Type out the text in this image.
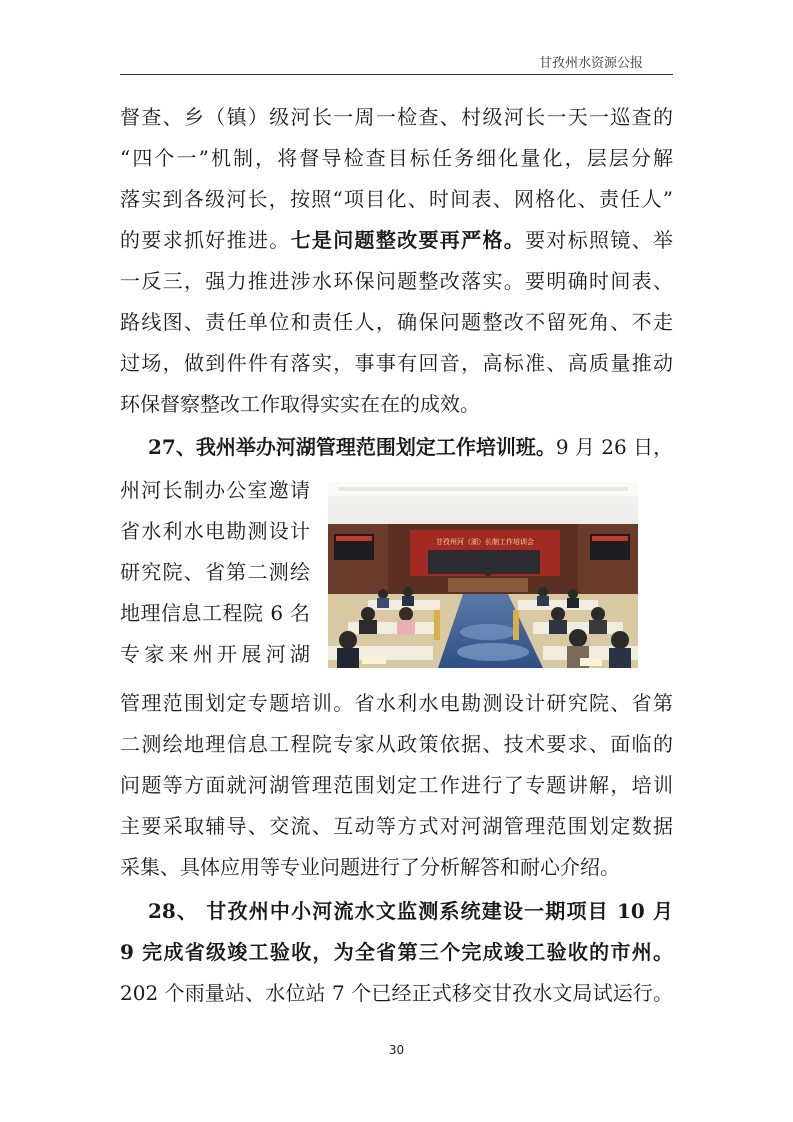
甘孜州水资源公报
督查、乡（镇）级河长一周一检查、村级河长一天一巡查的
“四个一”机制，将督导检查目标任务细化量化，层层分解
落实到各级河长，按照“项目化、时间表、网格化、责任人”
的要求抓好推进。七是问题整改要再严格。要对标照镜、举
一反三，强力推进涉水环保问题整改落实。要明确时间表、
路线图、责任单位和责任人，确保问题整改不留死角、不走
过场，做到件件有落实，事事有回音，高标准、高质量推动
环保督察整改工作取得实实在在的成效。
27、我州举办河湖管理范围划定工作培训班。9 月 26 日，
州河长制办公室邀请
省水利水电勘测设计
研究院、省第二测绘
地理信息工程院 6 名
专家来州开展河湖
甘孜州河（湖）长制工作培训会
管理范围划定专题培训。省水利水电勘测设计研究院、省第
二测绘地理信息工程院专家从政策依据、技术要求、面临的
问题等方面就河湖管理范围划定工作进行了专题讲解，培训
主要采取辅导、交流、互动等方式对河湖管理范围划定数据
采集、具体应用等专业问题进行了分析解答和耐心介绍。
28、 甘孜州中小河流水文监测系统建设一期项目 10 月
9 完成省级竣工验收，为全省第三个完成竣工验收的市州。
202 个雨量站、水位站 7 个已经正式移交甘孜水文局试运行。
30
